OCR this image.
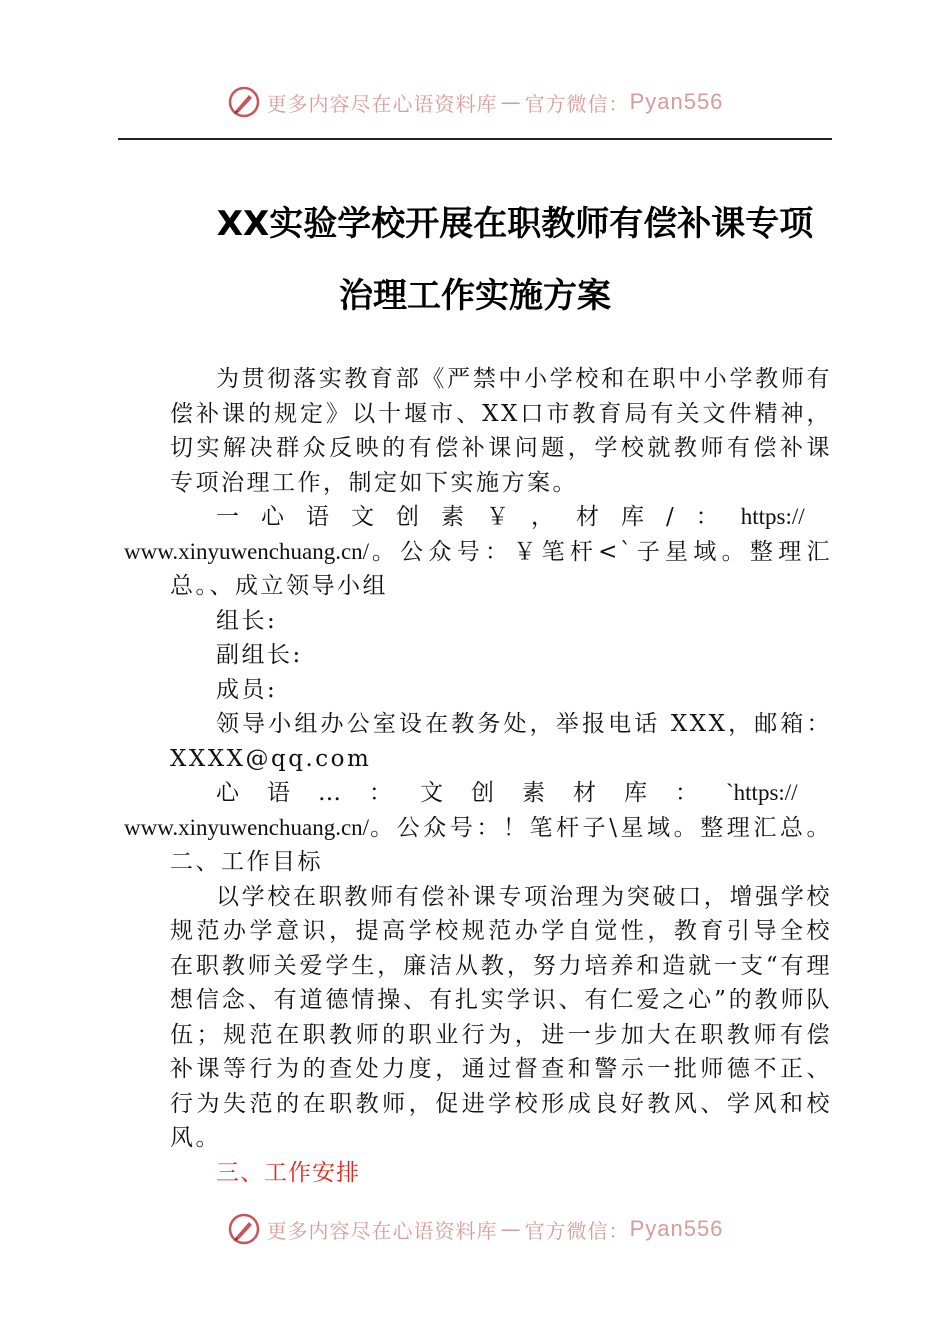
更多内容尽在心语资料库 — 官方微信： Pyan556
XX实验学校开展在职教师有偿补课专项
治理工作实施方案

为贯彻落实教育部《严禁中小学校和在职中小学教师有偿补课的规定》以十堰市、XX口市教育局有关文件精神，切实解决群众反映的有偿补课问题，学校就教师有偿补课专项治理工作，制定如下实施方案。

一心语文创素￥，材库/：https://
www.xinyuwenchuang.cn/。公众号：￥笔杆<`子星域。整理汇总。、成立领导小组

组长:

副组长:

成员:

领导小组办公室设在教务处，举报电话 XXX，邮箱：XXXX@qq.com

心语…：文创素材库：`https://
www.xinyuwenchuang.cn/。公众号：！笔杆子\星域。整理汇总。二、工作目标

以学校在职教师有偿补课专项治理为突破口，增强学校规范办学意识，提高学校规范办学自觉性，教育引导全校在职教师关爱学生，廉洁从教，努力培养和造就一支“有理想信念、有道德情操、有扎实学识、有仁爱之心”的教师队伍；规范在职教师的职业行为，进一步加大在职教师有偿补课等行为的查处力度，通过督查和警示一批师德不正、行为失范的在职教师，促进学校形成良好教风、学风和校风。

三、工作安排

更多内容尽在心语资料库 — 官方微信： Pyan556
